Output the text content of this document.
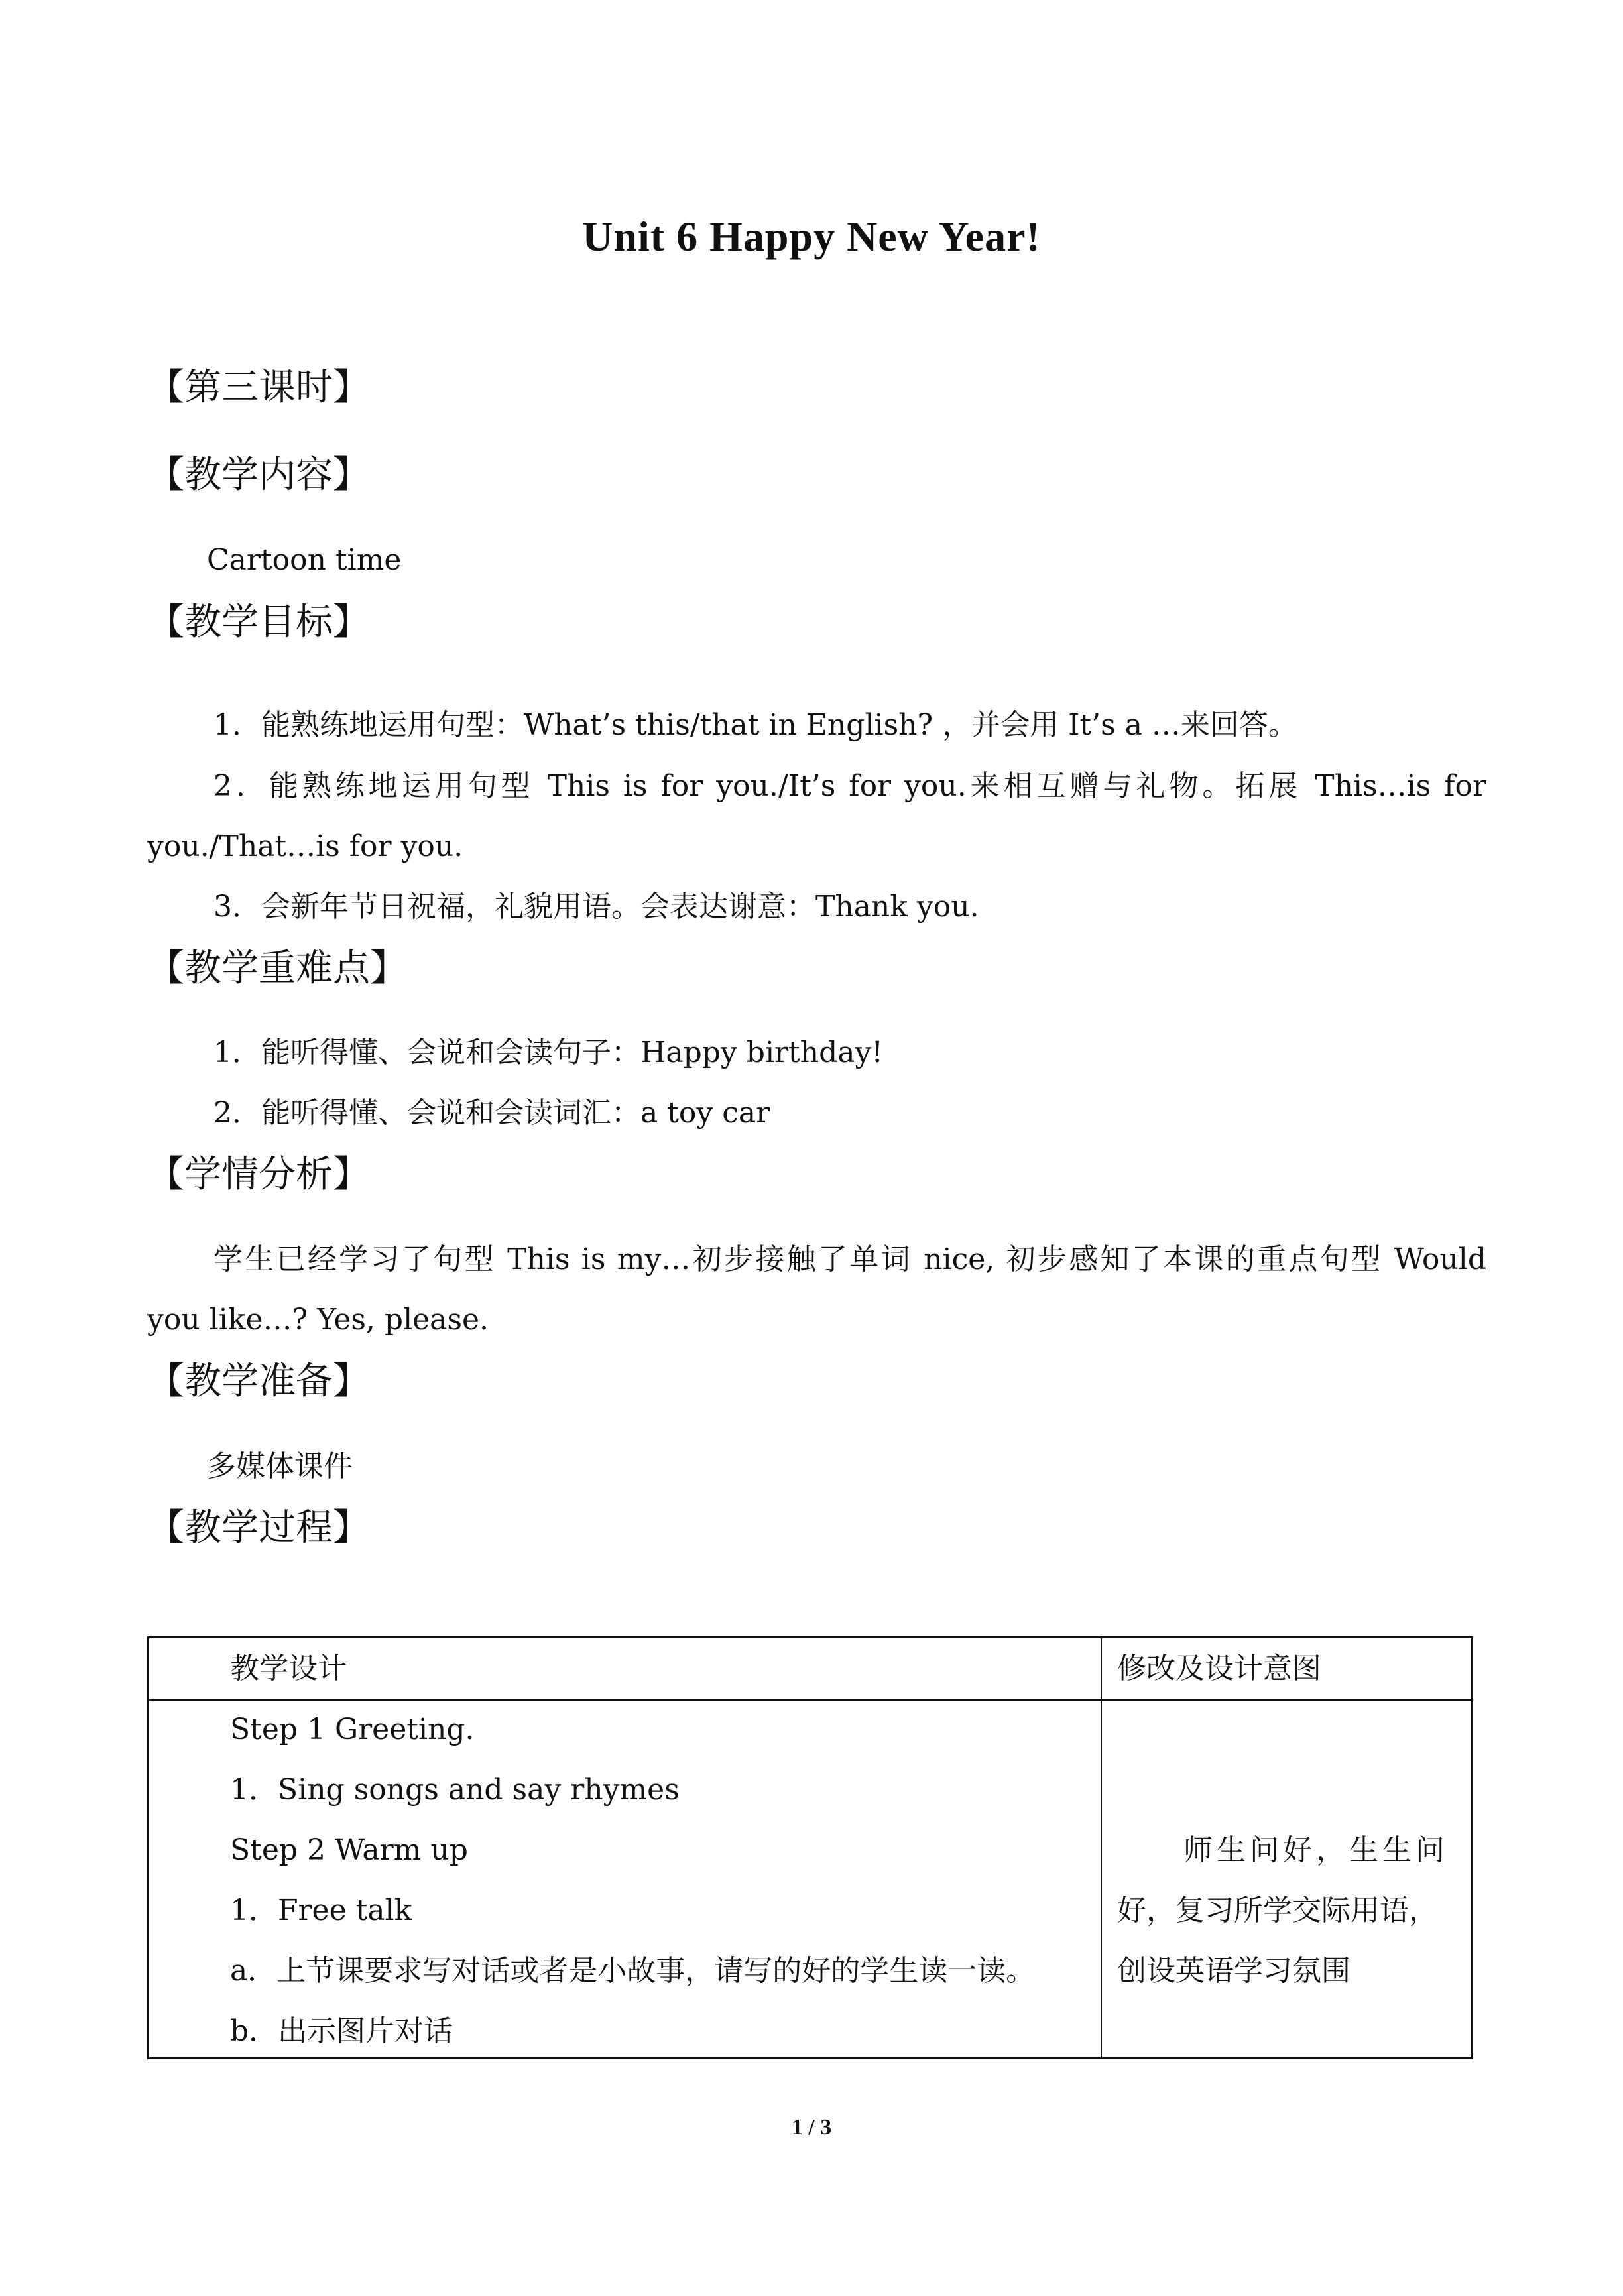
Unit 6 Happy New Year!
【第三课时】
【教学内容】
Cartoon time
【教学目标】
1．能熟练地运用句型：What’s this/that in English? ，并会用 It’s a …来回答。
2．能熟练地运用句型 This is for you./It’s for you.来相互赠与礼物。拓展 This…is for
you./That…is for you.
3．会新年节日祝福，礼貌用语。会表达谢意：Thank you.
【教学重难点】
1．能听得懂、会说和会读句子：Happy birthday!
2．能听得懂、会说和会读词汇：a toy car
【学情分析】
学生已经学习了句型 This is my…初步接触了单词 nice, 初步感知了本课的重点句型 Would
you like…? Yes, please.
【教学准备】
多媒体课件
【教学过程】
教学设计	修改及设计意图
Step 1 Greeting.
1．Sing songs and say rhymes
Step 2 Warm up
1．Free talk
a．上节课要求写对话或者是小故事，请写的好的学生读一读。
b．出示图片对话
师生问好，生生问
好，复习所学交际用语，
创设英语学习氛围
1 / 3
